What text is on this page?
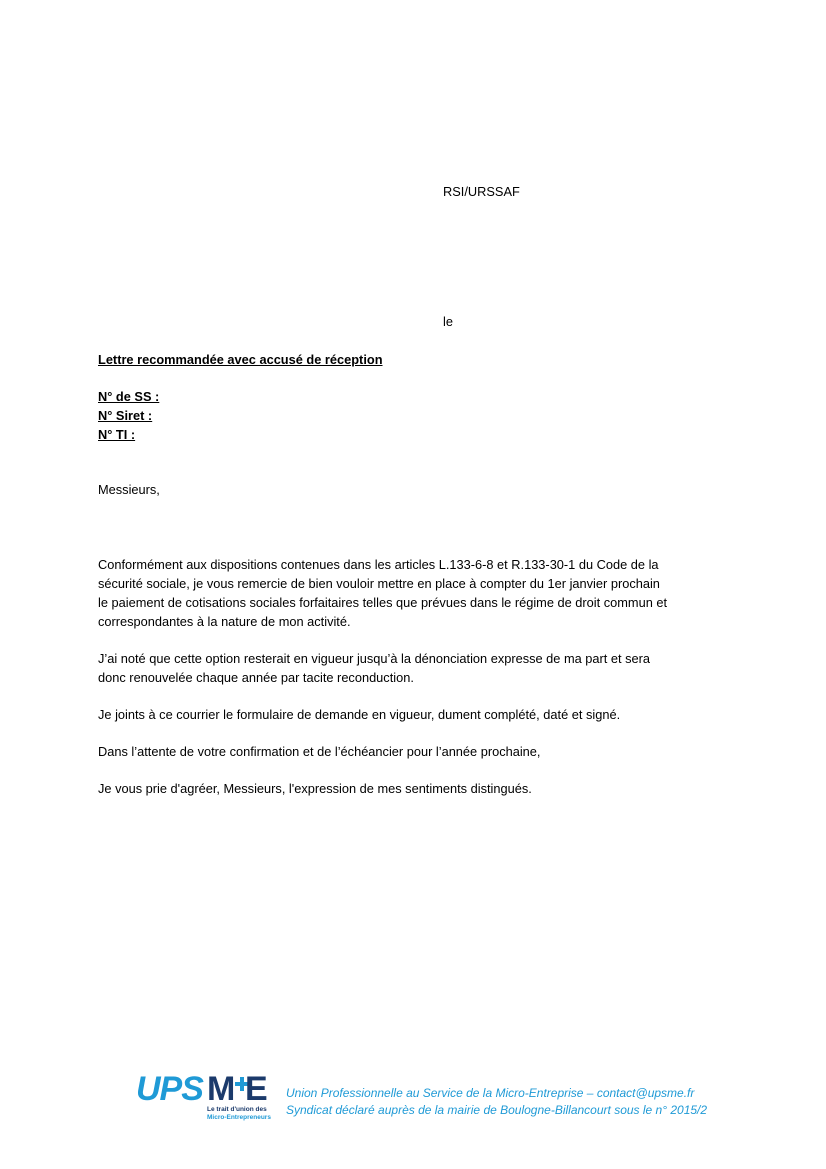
RSI/URSSAF
le
Lettre recommandée avec accusé de réception
N° de SS :
N° Siret :
N° TI :
Messieurs,

Conformément aux dispositions contenues dans les articles L.133-6-8 et R.133-30-1 du Code de la
sécurité sociale, je vous remercie de bien vouloir mettre en place à compter du 1er janvier prochain
le paiement de cotisations sociales forfaitaires telles que prévues dans le régime de droit commun et
correspondantes à la nature de mon activité.

J’ai noté que cette option resterait en vigueur jusqu’à la dénonciation expresse de ma part et sera
donc renouvelée chaque année par tacite reconduction.

Je joints à ce courrier le formulaire de demande en vigueur, dument complété, daté et signé.

Dans l’attente de votre confirmation et de l’échéancier pour l’année prochaine,

Je vous prie d'agréer, Messieurs, l'expression de mes sentiments distingués.

UPS M E
Le trait d'union des
Micro-Entrepreneurs
Union Professionnelle au Service de la Micro-Entreprise – contact@upsme.fr
Syndicat déclaré auprès de la mairie de Boulogne-Billancourt sous le n° 2015/2
